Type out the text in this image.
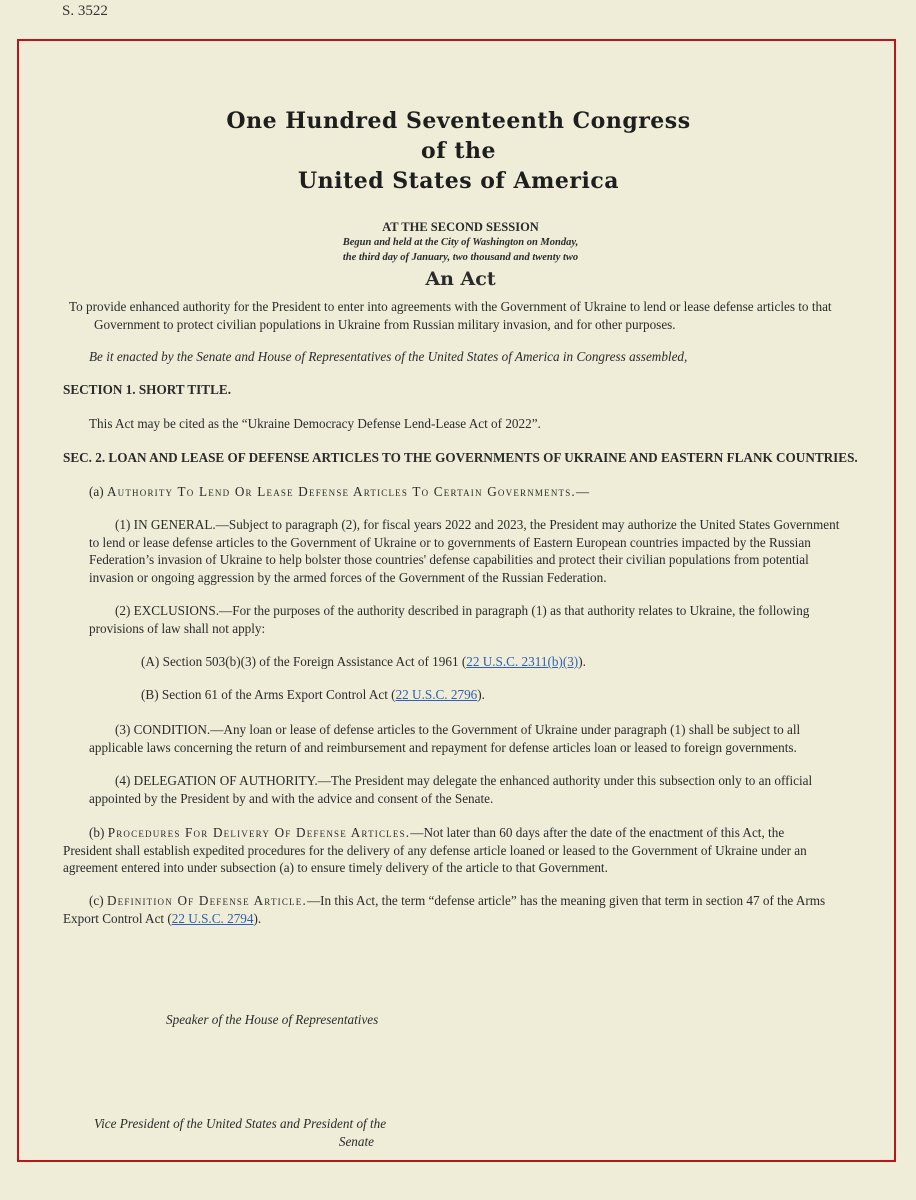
S. 3522
One Hundred Seventeenth Congress
of the
United States of America
AT THE SECOND SESSION
Begun and held at the City of Washington on Monday,
the third day of January, two thousand and twenty two
An Act
To provide enhanced authority for the President to enter into agreements with the Government of Ukraine to lend or lease defense articles to that Government to protect civilian populations in Ukraine from Russian military invasion, and for other purposes.
Be it enacted by the Senate and House of Representatives of the United States of America in Congress assembled,
SECTION 1. SHORT TITLE.
This Act may be cited as the “Ukraine Democracy Defense Lend-Lease Act of 2022”.
SEC. 2. LOAN AND LEASE OF DEFENSE ARTICLES TO THE GOVERNMENTS OF UKRAINE AND EASTERN FLANK COUNTRIES.
(a) Authority To Lend Or Lease Defense Articles To Certain Governments.—
(1) IN GENERAL.—Subject to paragraph (2), for fiscal years 2022 and 2023, the President may authorize the United States Government to lend or lease defense articles to the Government of Ukraine or to governments of Eastern European countries impacted by the Russian Federation’s invasion of Ukraine to help bolster those countries' defense capabilities and protect their civilian populations from potential invasion or ongoing aggression by the armed forces of the Government of the Russian Federation.
(2) EXCLUSIONS.—For the purposes of the authority described in paragraph (1) as that authority relates to Ukraine, the following provisions of law shall not apply:
(A) Section 503(b)(3) of the Foreign Assistance Act of 1961 (22 U.S.C. 2311(b)(3)).
(B) Section 61 of the Arms Export Control Act (22 U.S.C. 2796).
(3) CONDITION.—Any loan or lease of defense articles to the Government of Ukraine under paragraph (1) shall be subject to all applicable laws concerning the return of and reimbursement and repayment for defense articles loan or leased to foreign governments.
(4) DELEGATION OF AUTHORITY.—The President may delegate the enhanced authority under this subsection only to an official appointed by the President by and with the advice and consent of the Senate.
(b) Procedures For Delivery Of Defense Articles.—Not later than 60 days after the date of the enactment of this Act, the President shall establish expedited procedures for the delivery of any defense article loaned or leased to the Government of Ukraine under an agreement entered into under subsection (a) to ensure timely delivery of the article to that Government.
(c) Definition Of Defense Article.—In this Act, the term “defense article” has the meaning given that term in section 47 of the Arms Export Control Act (22 U.S.C. 2794).
Speaker of the House of Representatives
Vice President of the United States and President of the
Senate
